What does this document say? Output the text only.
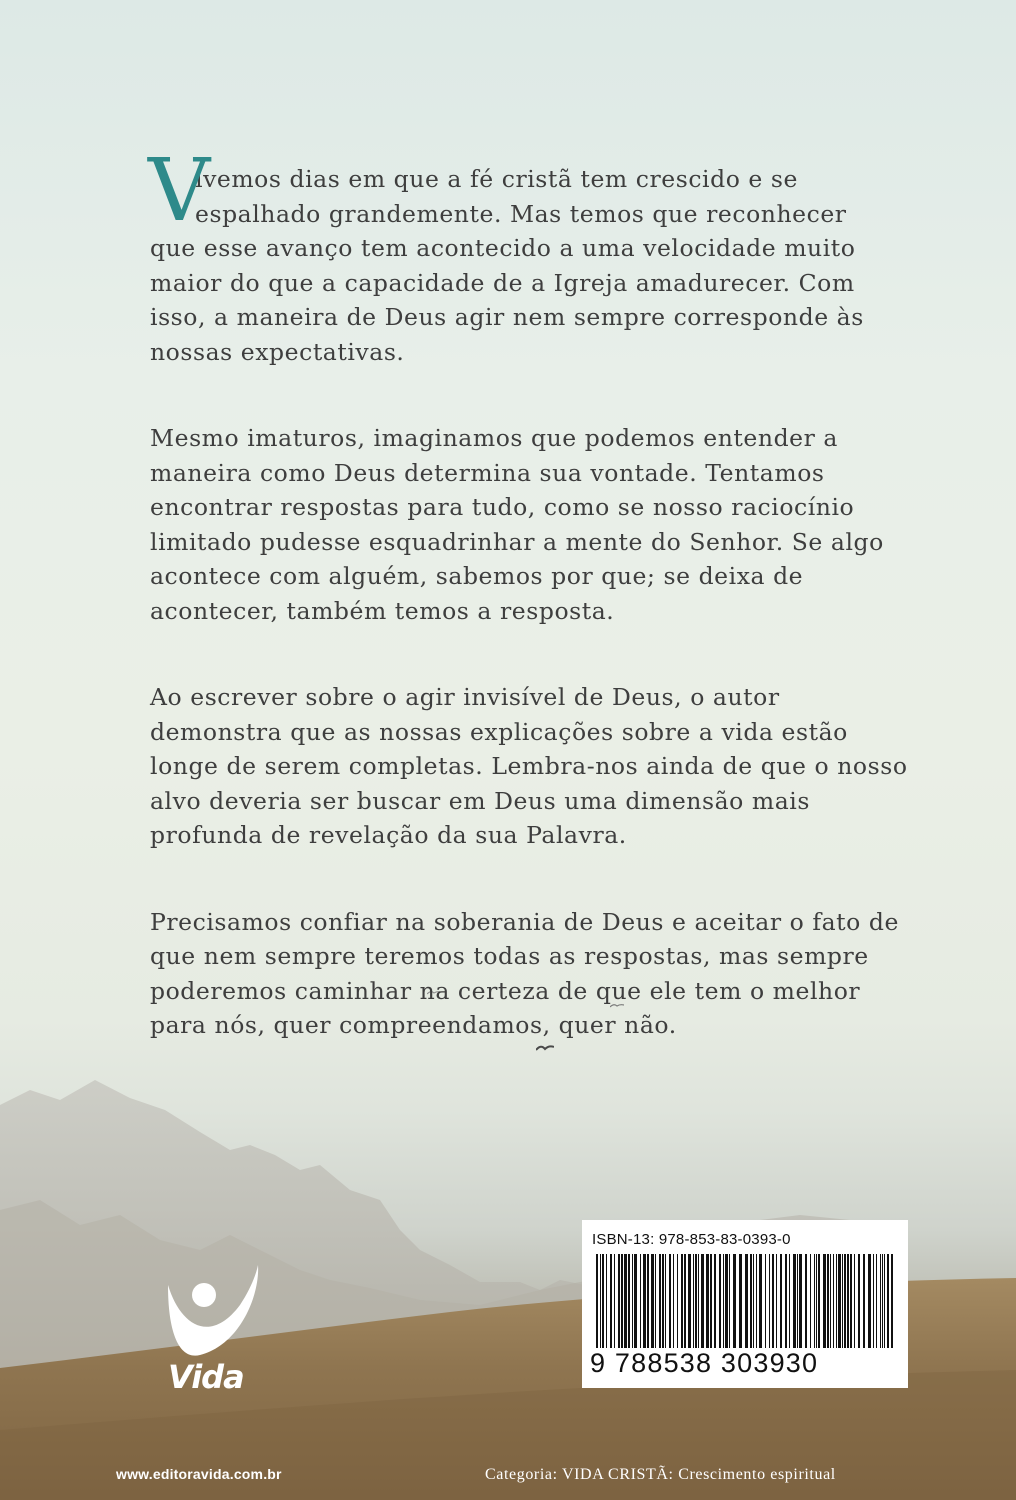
V
ivemos dias em que a fé cristã tem crescido e se
espalhado grandemente. Mas temos que reconhecer
que esse avanço tem acontecido a uma velocidade muito
maior do que a capacidade de a Igreja amadurecer. Com
isso, a maneira de Deus agir nem sempre corresponde às
nossas expectativas.

Mesmo imaturos, imaginamos que podemos entender a maneira como Deus determina sua vontade. Tentamos encontrar respostas para tudo, como se nosso raciocínio limitado pudesse esquadrinhar a mente do Senhor. Se algo acontece com alguém, sabemos por que; se deixa de acontecer, também temos a resposta.

Ao escrever sobre o agir invisível de Deus, o autor demonstra que as nossas explicações sobre a vida estão longe de serem completas. Lembra-nos ainda de que o nosso alvo deveria ser buscar em Deus uma dimensão mais profunda de revelação da sua Palavra.

Precisamos confiar na soberania de Deus e aceitar o fato de que nem sempre teremos todas as respostas, mas sempre poderemos caminhar na certeza de que ele tem o melhor para nós, quer compreendamos, quer não.

Vida
www.editoravida.com.br
ISBN-13: 978-853-83-0393-0
9 788538 303930
Categoria: VIDA CRISTÃ: Crescimento espiritual
